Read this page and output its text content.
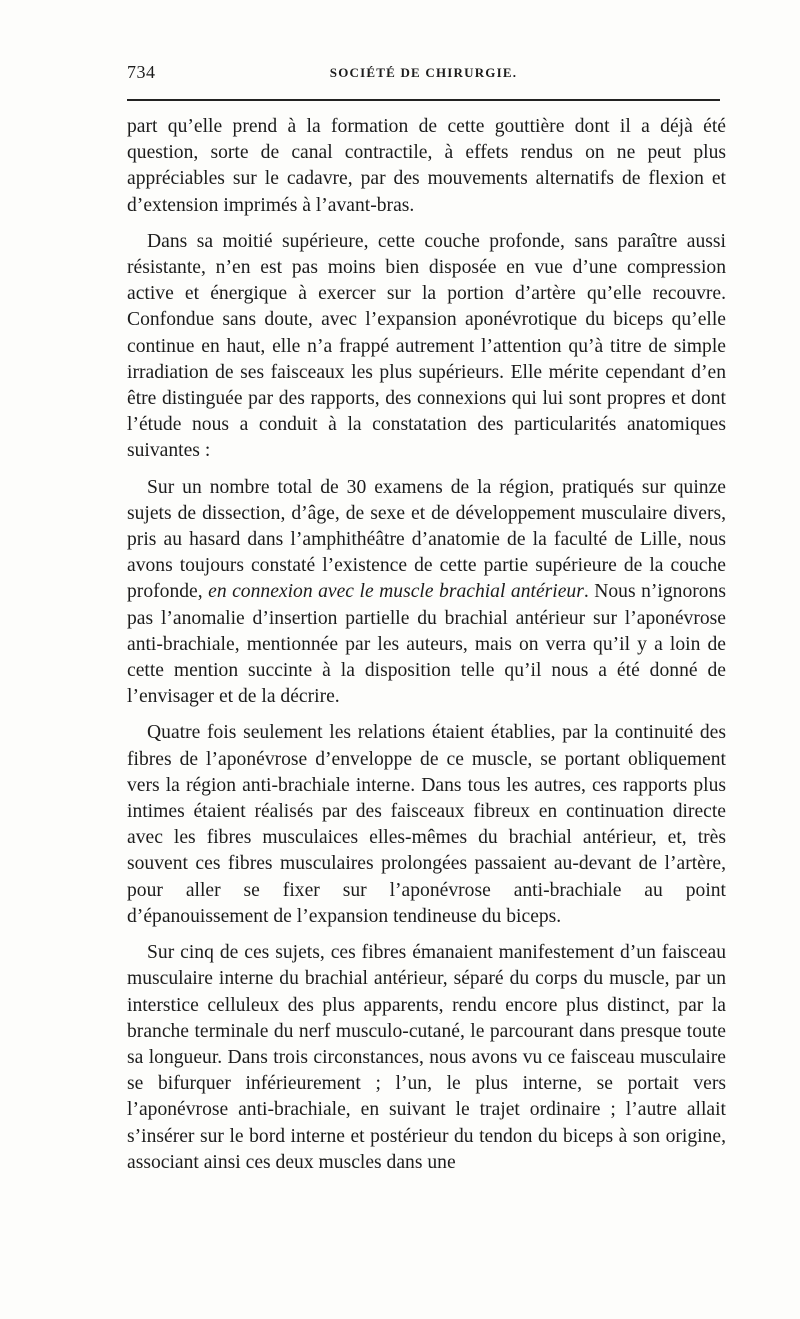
734	SOCIÉTÉ DE CHIRURGIE.

part qu’elle prend à la formation de cette gouttière dont il a déjà été question, sorte de canal contractile, à effets rendus on ne peut plus appréciables sur le cadavre, par des mouvements alternatifs de flexion et d’extension imprimés à l’avant-bras.

Dans sa moitié supérieure, cette couche profonde, sans paraître aussi résistante, n’en est pas moins bien disposée en vue d’une compression active et énergique à exercer sur la portion d’artère qu’elle recouvre. Confondue sans doute, avec l’expansion aponévrotique du biceps qu’elle continue en haut, elle n’a frappé autrement l’attention qu’à titre de simple irradiation de ses faisceaux les plus supérieurs. Elle mérite cependant d’en être distinguée par des rapports, des connexions qui lui sont propres et dont l’étude nous a conduit à la constatation des particularités anatomiques suivantes :

Sur un nombre total de 30 examens de la région, pratiqués sur quinze sujets de dissection, d’âge, de sexe et de développement musculaire divers, pris au hasard dans l’amphithéâtre d’anatomie de la faculté de Lille, nous avons toujours constaté l’existence de cette partie supérieure de la couche profonde, en connexion avec le muscle brachial antérieur. Nous n’ignorons pas l’anomalie d’insertion partielle du brachial antérieur sur l’aponévrose anti-brachiale, mentionnée par les auteurs, mais on verra qu’il y a loin de cette mention succinte à la disposition telle qu’il nous a été donné de l’envisager et de la décrire.

Quatre fois seulement les relations étaient établies, par la continuité des fibres de l’aponévrose d’enveloppe de ce muscle, se portant obliquement vers la région anti-brachiale interne. Dans tous les autres, ces rapports plus intimes étaient réalisés par des faisceaux fibreux en continuation directe avec les fibres musculaices elles-mêmes du brachial antérieur, et, très souvent ces fibres musculaires prolongées passaient au-devant de l’artère, pour aller se fixer sur l’aponévrose anti-brachiale au point d’épanouissement de l’expansion tendineuse du biceps.

Sur cinq de ces sujets, ces fibres émanaient manifestement d’un faisceau musculaire interne du brachial antérieur, séparé du corps du muscle, par un interstice celluleux des plus apparents, rendu encore plus distinct, par la branche terminale du nerf musculo-cutané, le parcourant dans presque toute sa longueur. Dans trois circonstances, nous avons vu ce faisceau musculaire se bifurquer inférieurement ; l’un, le plus interne, se portait vers l’aponévrose anti-brachiale, en suivant le trajet ordinaire ; l’autre allait s’insérer sur le bord interne et postérieur du tendon du biceps à son origine, associant ainsi ces deux muscles dans une
